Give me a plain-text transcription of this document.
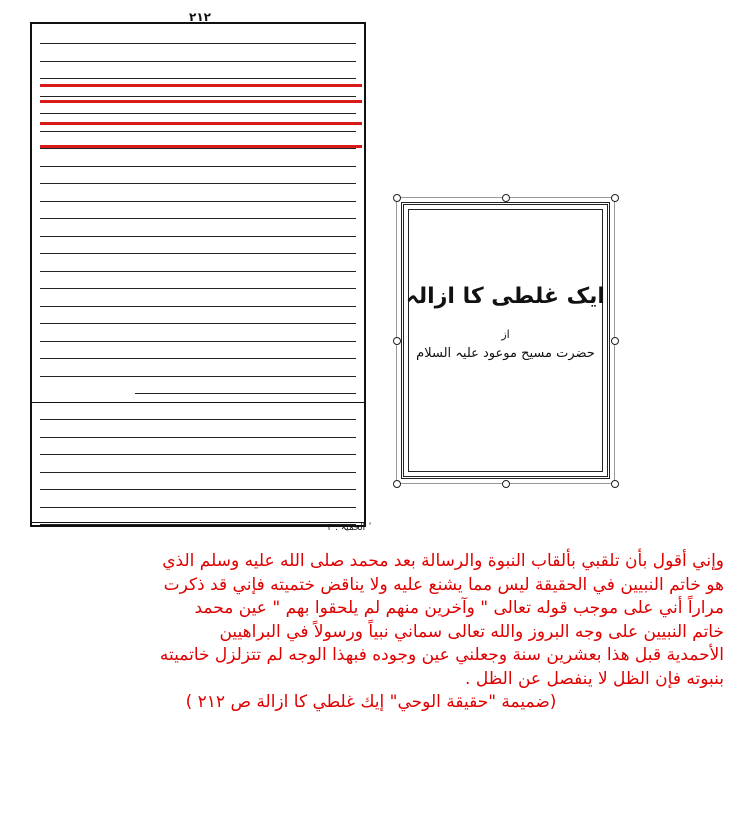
۲۱۲
ٔ الحمیۃ : ۴
ایک غلطی کا ازالہ
از
حضرت مسیح موعود علیہ السلام
وإني أقول بأن تلقبي بألقاب النبوة والرسالة بعد محمد صلى الله عليه وسلم الذي
هو خاتم النبيين في الحقيقة ليس مما يشنع عليه ولا يناقض ختميته فإني قد ذكرت
مراراً أني على موجب قوله تعالى " وآخرين منهم لم يلحقوا بهم " عين محمد
خاتم النبيين على وجه البروز والله تعالى سماني نبياً ورسولاً في البراهيين
الأحمدية قبل هذا بعشرين سنة وجعلني عين وجوده فبهذا الوجه لم تتزلزل خاتميته
بنبوته فإن الظل لا ينفصل عن الظل .
(ضميمة "حقيقة الوحي" إيك غلطي كا ازالة ص ٢١٢ )
